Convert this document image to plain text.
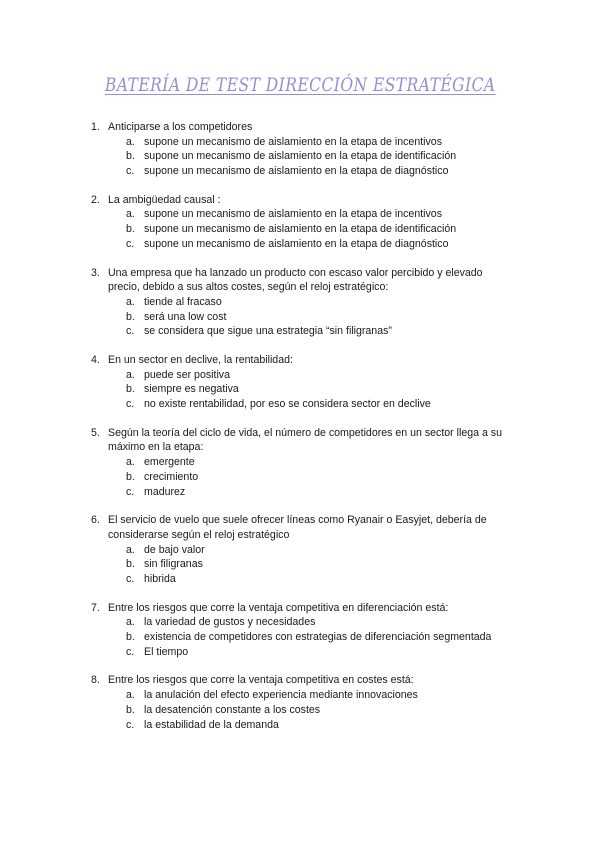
BATERÍA DE TEST DIRECCIÓN ESTRATÉGICA
1. Anticiparse a los competidores
a. supone un mecanismo de aislamiento en la etapa de incentivos
b. supone un mecanismo de aislamiento en la etapa de identificación
c. supone un mecanismo de aislamiento en la etapa de diagnóstico
2. La ambigüedad causal :
a. supone un mecanismo de aislamiento en la etapa de incentivos
b. supone un mecanismo de aislamiento en la etapa de identificación
c. supone un mecanismo de aislamiento en la etapa de diagnóstico
3. Una empresa que ha lanzado un producto con escaso valor percibido y elevado precio, debido a sus altos costes, según el reloj estratégico:
a. tiende al fracaso
b. será una low cost
c. se considera que sigue una estrategia “sin filigranas”
4. En un sector en declive, la rentabilidad:
a. puede ser positiva
b. siempre es negativa
c. no existe rentabilidad, por eso se considera sector en declive
5. Según la teoría del ciclo de vida, el número de competidores en un sector llega a su máximo en la etapa:
a. emergente
b. crecimiento
c. madurez
6. El servicio de vuelo que suele ofrecer líneas como Ryanair o Easyjet, debería de considerarse según el reloj estratégico
a. de bajo valor
b. sin filigranas
c. hibrida
7. Entre los riesgos que corre la ventaja competitiva en diferenciación está:
a. la variedad de gustos y necesidades
b. existencia de competidores con estrategias de diferenciación segmentada
c. El tiempo
8. Entre los riesgos que corre la ventaja competitiva en costes está:
a. la anulación del efecto experiencia mediante innovaciones
b. la desatención constante a los costes
c. la estabilidad de la demanda
